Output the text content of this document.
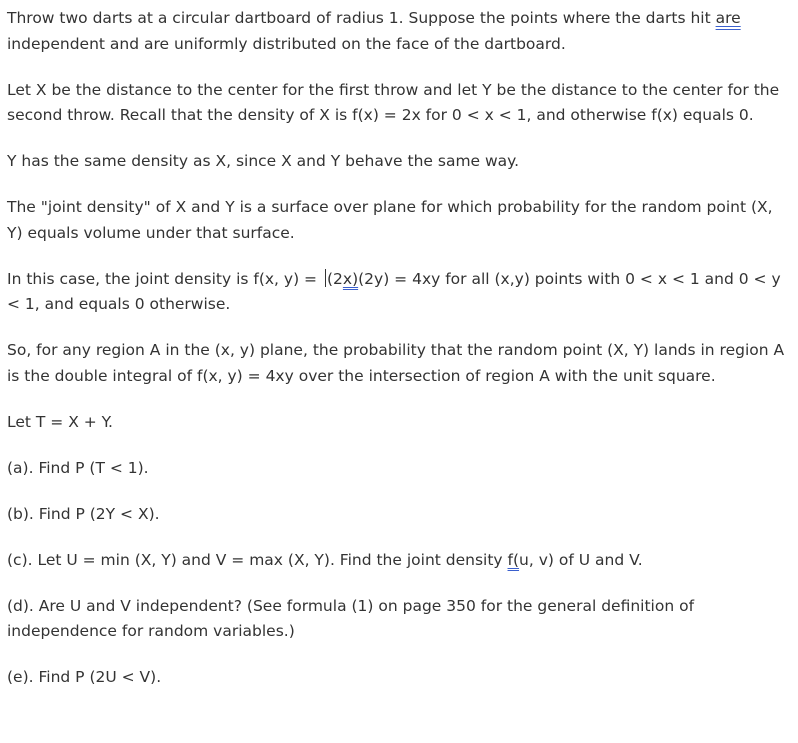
Throw two darts at a circular dartboard of radius 1. Suppose the points where the darts hit are independent and are uniformly distributed on the face of the dartboard.

Let X be the distance to the center for the first throw and let Y be the distance to the center for the second throw. Recall that the density of X is f(x) = 2x for 0 < x < 1, and otherwise f(x) equals 0.

Y has the same density as X, since X and Y behave the same way.

The "joint density" of X and Y is a surface over plane for which probability for the random point (X, Y) equals volume under that surface.

In this case, the joint density is f(x, y) = (2x)(2y) = 4xy for all (x,y) points with 0 < x < 1 and 0 < y < 1, and equals 0 otherwise.

So, for any region A in the (x, y) plane, the probability that the random point (X, Y) lands in region A is the double integral of f(x, y) = 4xy over the intersection of region A with the unit square.

Let T = X + Y.

(a). Find P (T < 1).

(b). Find P (2Y < X).

(c). Let U = min (X, Y) and V = max (X, Y). Find the joint density f(u, v) of U and V.

(d). Are U and V independent? (See formula (1) on page 350 for the general definition of independence for random variables.)

(e). Find P (2U < V).
